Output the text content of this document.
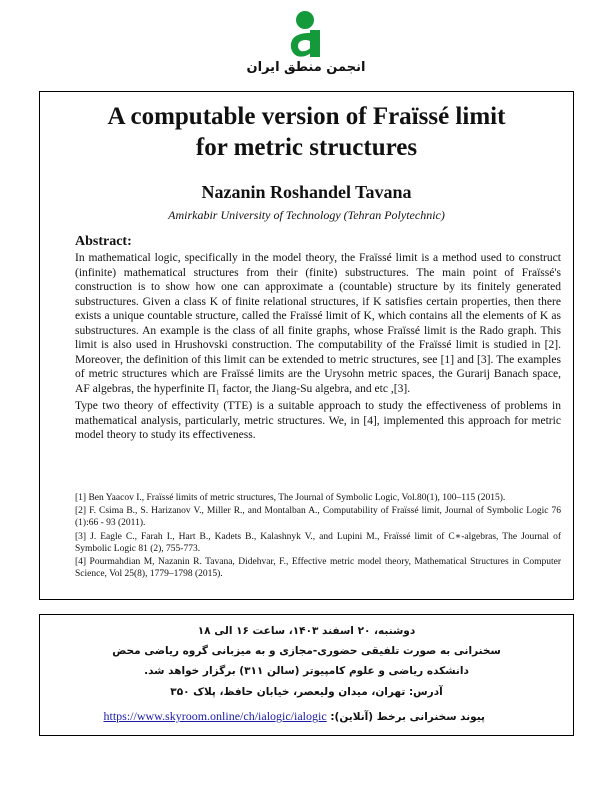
انجمن منطق ایران
A computable version of Fraïssé limit
for metric structures
Nazanin Roshandel Tavana
Amirkabir University of Technology (Tehran Polytechnic)
Abstract:

In mathematical logic, specifically in the model theory, the Fraïssé limit is a method used to construct (infinite) mathematical structures from their (finite) substructures. The main point of Fraïssé's construction is to show how one can approximate a (countable) structure by its finitely generated substructures. Given a class K of finite relational structures, if K satisfies certain properties, then there exists a unique countable structure, called the Fraïssé limit of K, which contains all the elements of K as substructures. An example is the class of all finite graphs, whose Fraïssé limit is the Rado graph. This limit is also used in Hrushovski construction. The computability of the Fraïssé limit is studied in [2]. Moreover, the definition of this limit can be extended to metric structures, see [1] and [3]. The examples of metric structures which are Fraïssé limits are the Urysohn metric spaces, the Gurarij Banach space, AF algebras, the hyperfinite Π₁ factor, the Jiang-Su algebra, and etc ,[3].

Type two theory of effectivity (TTE) is a suitable approach to study the effectiveness of problems in mathematical analysis, particularly, metric structures. We, in [4], implemented this approach for metric model theory to study its effectiveness.

[1] Ben Yaacov I., Fraïssé limits of metric structures, The Journal of Symbolic Logic, Vol.80(1), 100–115 (2015).
[2] F. Csima B., S. Harizanov V., Miller R., and Montalban A., Computability of Fraïssé limit, Journal of Symbolic Logic 76 (1):66 - 93 (2011).
[3] J. Eagle C., Farah I., Hart B., Kadets B., Kalashnyk V., and Lupini M., Fraïssé limit of C∗-algebras, The Journal of Symbolic Logic 81 (2), 755-773.
[4] Pourmahdian M, Nazanin R. Tavana, Didehvar, F., Effective metric model theory, Mathematical Structures in Computer Science, Vol 25(8), 1779–1798 (2015).
دوشنبه، ۲۰ اسفند ۱۴۰۳، ساعت ۱۶ الی ۱۸
سخنرانی به صورت تلفیقی حضوری-مجازی و به میزبانی گروه ریاضی محض
دانشکده ریاضی و علوم کامپیوتر (سالن ۳۱۱) برگزار خواهد شد.
آدرس: تهران، میدان ولیعصر، خیابان حافظ، پلاک ۳۵۰
پیوند سخنرانی برخط (آنلاین): https://www.skyroom.online/ch/ialogic/ialogic
